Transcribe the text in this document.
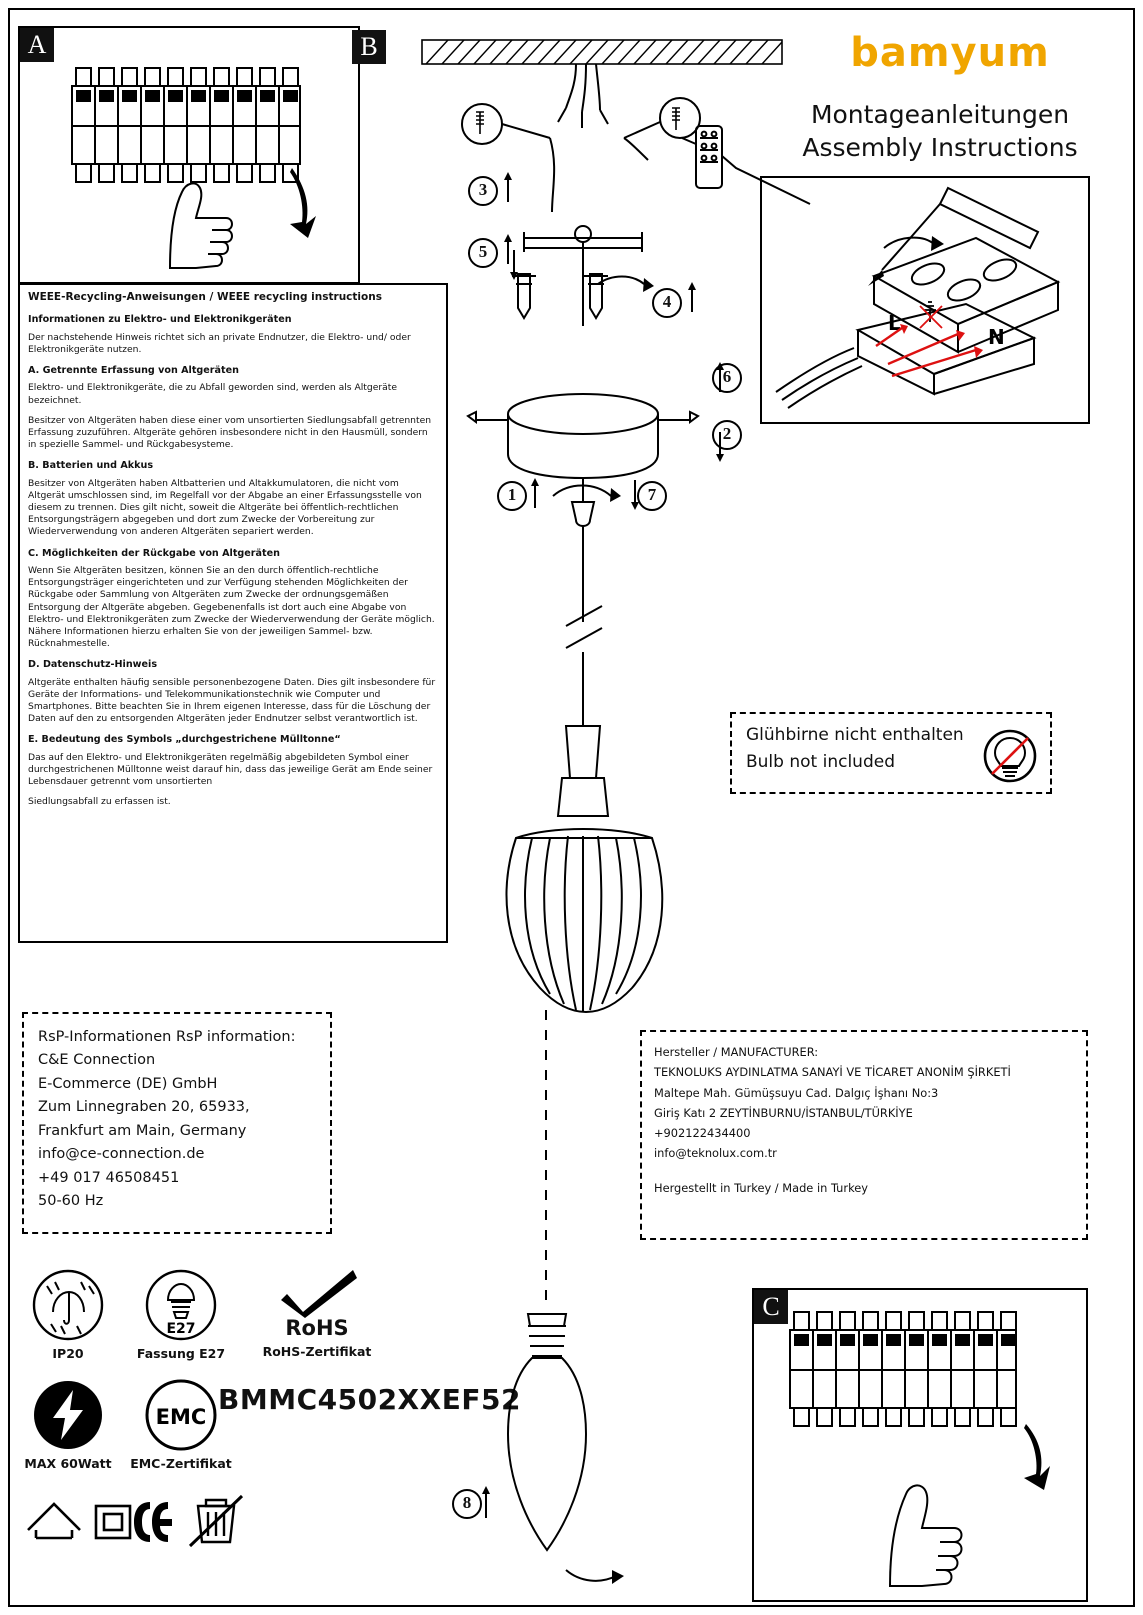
bamyum
Montageanleitungen
Assembly Instructions
A
WEEE-Recycling-Anweisungen / WEEE recycling instructions
Informationen zu Elektro- und Elektronikgeräten

Der nachstehende Hinweis richtet sich an private Endnutzer, die Elektro- und/ oder Elektronikgeräte nutzen.

A. Getrennte Erfassung von Altgeräten

Elektro- und Elektronikgeräte, die zu Abfall geworden sind, werden als Altgeräte bezeichnet.

Besitzer von Altgeräten haben diese einer vom unsortierten Siedlungsabfall getrennten Erfassung zuzuführen. Altgeräte gehören insbesondere nicht in den Hausmüll, sondern in spezielle Sammel- und Rückgabesysteme.

B. Batterien und Akkus

Besitzer von Altgeräten haben Altbatterien und Altakkumulatoren, die nicht vom Altgerät umschlossen sind, im Regelfall vor der Abgabe an einer Erfassungsstelle von diesem zu trennen. Dies gilt nicht, soweit die Altgeräte bei öffentlich-rechtlichen Entsorgungsträgern abgegeben und dort zum Zwecke der Vorbereitung zur Wiederverwendung von anderen Altgeräten separiert werden.

C. Möglichkeiten der Rückgabe von Altgeräten

Wenn Sie Altgeräten besitzen, können Sie an den durch öffentlich-rechtliche Entsorgungsträger eingerichteten und zur Verfügung stehenden Möglichkeiten der Rückgabe oder Sammlung von Altgeräten zum Zwecke der ordnungsgemäßen Entsorgung der Altgeräte abgeben. Gegebenenfalls ist dort auch eine Abgabe von Elektro- und Elektronikgeräten zum Zwecke der Wiederverwendung der Geräte möglich. Nähere Informationen hierzu erhalten Sie von der jeweiligen Sammel- bzw. Rücknahmestelle.

D. Datenschutz-Hinweis

Altgeräte enthalten häufig sensible personenbezogene Daten. Dies gilt insbesondere für Geräte der Informations- und Telekommunikationstechnik wie Computer und Smartphones. Bitte beachten Sie in Ihrem eigenen Interesse, dass für die Löschung der Daten auf den zu entsorgenden Altgeräten jeder Endnutzer selbst verantwortlich ist.

E. Bedeutung des Symbols „durchgestrichene Mülltonne“

Das auf den Elektro- und Elektronikgeräten regelmäßig abgebildeten Symbol einer durchgestrichenen Mülltonne weist darauf hin, dass das jeweilige Gerät am Ende seiner Lebensdauer getrennt vom unsortierten

Siedlungsabfall zu erfassen ist.

B
3
5
4
6
2
1	7
8
L
N
Glühbirne nicht enthalten Bulb not included
RsP-Informationen RsP information:
C&E Connection
E-Commerce (DE) GmbH
Zum Linnegraben 20, 65933,
Frankfurt am Main, Germany
info@ce-connection.de
+49 017 46508451
50-60 Hz
Hersteller / MANUFACTURER:
TEKNOLUKS AYDINLATMA SANAYİ VE TİCARET ANONİM ŞİRKETİ
Maltepe Mah. Gümüşsuyu Cad. Dalgıç İşhanı No:3
Giriş Katı 2 ZEYTİNBURNU/İSTANBUL/TÜRKİYE
+902122434400
info@teknolux.com.tr
Hergestellt in Turkey / Made in Turkey
IP20
E27
Fassung E27
RoHS
RoHS-Zertifikat
MAX 60Watt
EMC
EMC-Zertifikat
BMMC4502XXEF52
C
